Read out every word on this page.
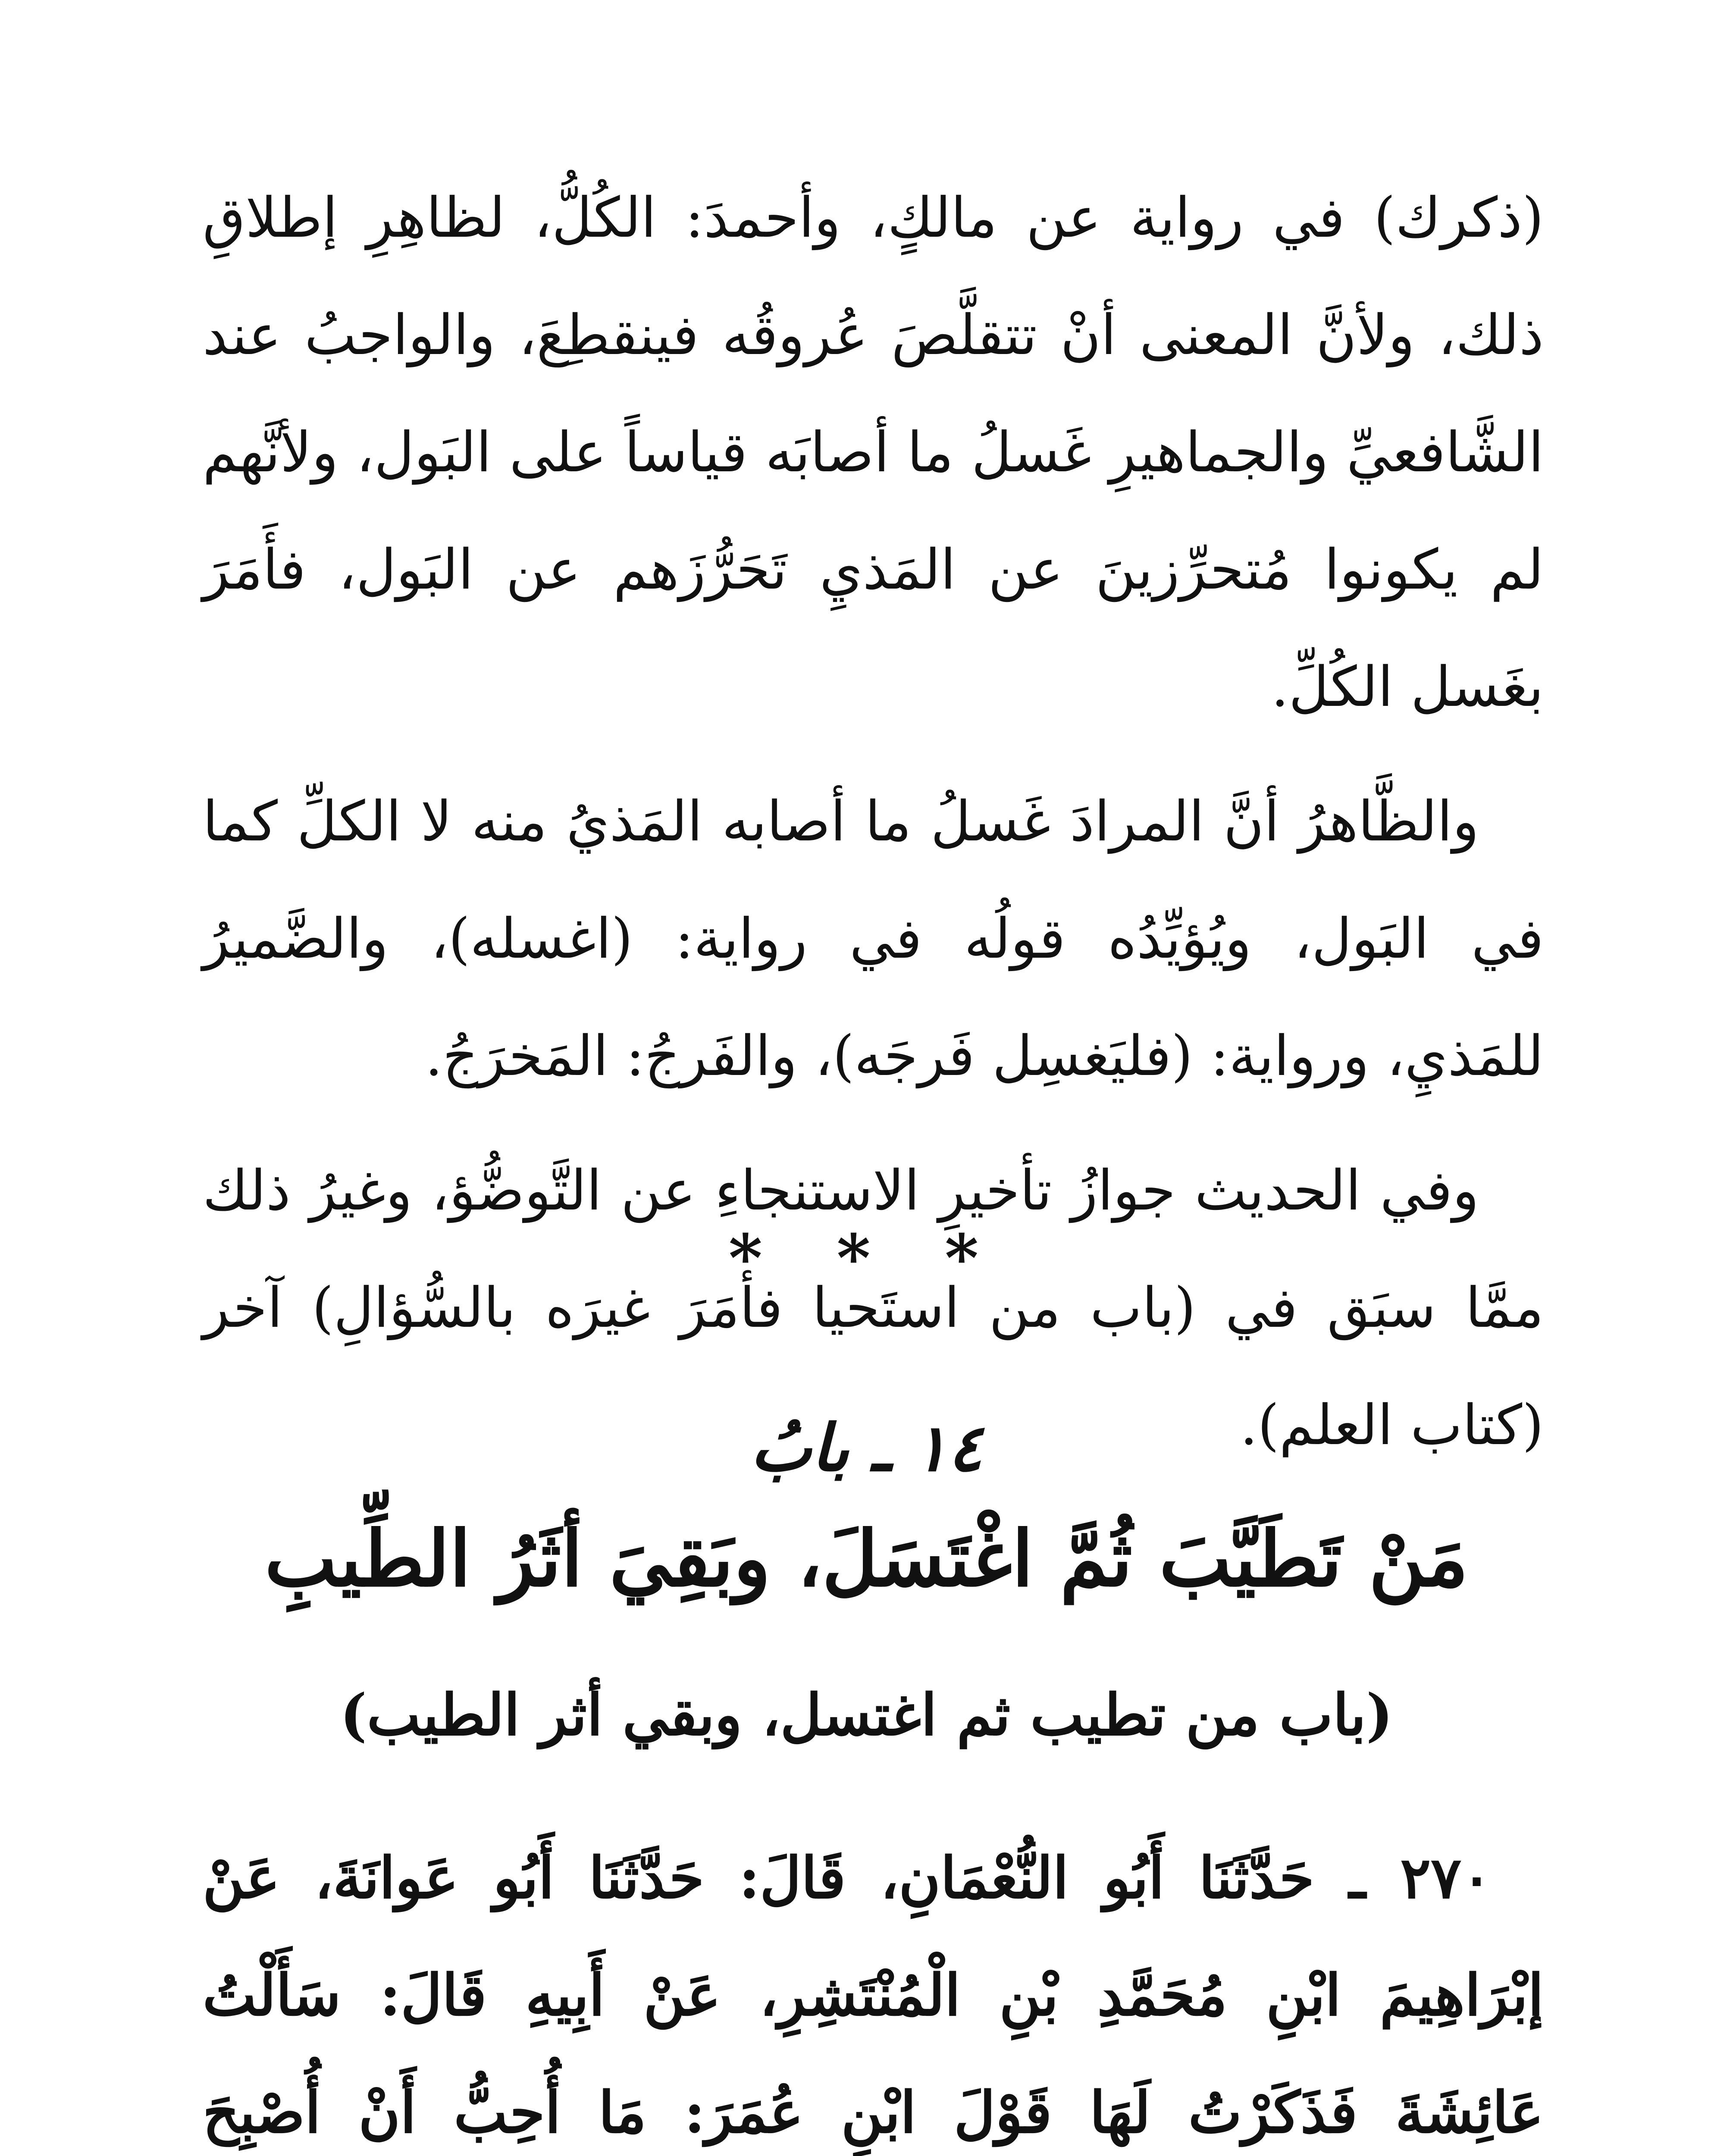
(ذكرك) في رواية عن مالكٍ، وأحمدَ: الكُلُّ، لظاهِرِ إطلاقِ ذلك، ولأنَّ المعنى أنْ تتقلَّصَ عُروقُه فينقطِعَ، والواجبُ عند الشَّافعيِّ والجماهيرِ غَسلُ ما أصابَه قياساً على البَول، ولأنَّهم لم يكونوا مُتحرِّزينَ عن المَذيِ تَحَرُّزَهم عن البَول، فأَمَرَ بغَسل الكُلِّ.

والظَّاهرُ أنَّ المرادَ غَسلُ ما أصابه المَذيُ منه لا الكلِّ كما في البَول، ويُؤيِّدُه قولُه في رواية: (اغسله)، والضَّميرُ للمَذيِ، ورواية: (فليَغسِل فَرجَه)، والفَرجُ: المَخرَجُ.

وفي الحديث جوازُ تأخيرِ الاستنجاءِ عن التَّوضُّؤ، وغيرُ ذلك ممَّا سبَق في (باب من استَحيا فأمَرَ غيرَه بالسُّؤالِ) آخر (كتاب العلم).

* * *
١٤ ـ بابُ
مَنْ تَطَيَّبَ ثُمَّ اغْتَسَلَ، وبَقِيَ أثَرُ الطِّيبِ
(باب من تطيب ثم اغتسل، وبقي أثر الطيب)

٢٧٠ ـ حَدَّثَنَا أَبُو النُّعْمَانِ، قَالَ: حَدَّثَنَا أَبُو عَوانَةَ، عَنْ إبْرَاهِيمَ ابْنِ مُحَمَّدِ بْنِ الْمُنْتَشِرِ، عَنْ أَبِيهِ قَالَ: سَأَلْتُ عَائِشَةَ فَذَكَرْتُ لَهَا قَوْلَ ابْنِ عُمَرَ: مَا أُحِبُّ أَنْ أُصْبِحَ
